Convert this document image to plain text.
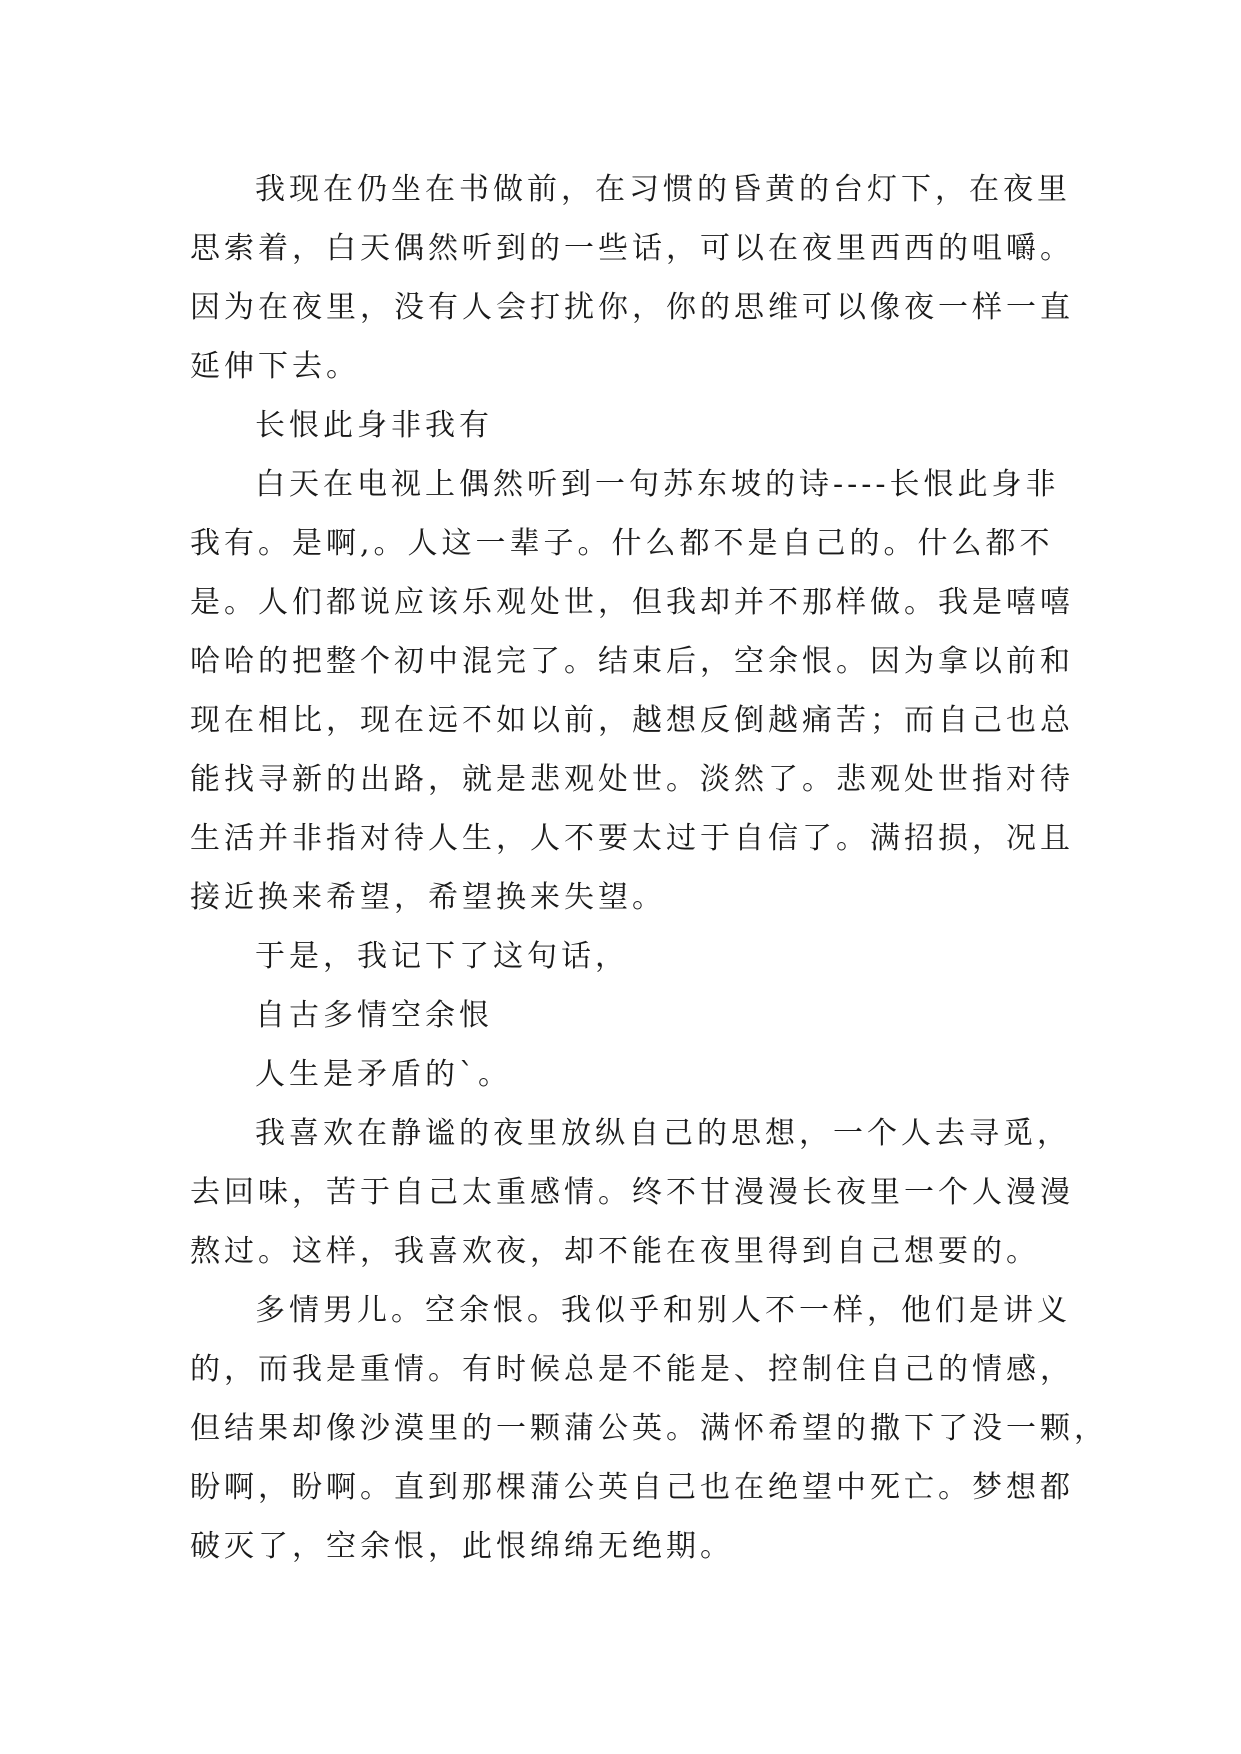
我现在仍坐在书做前，在习惯的昏黄的台灯下，在夜里
思索着，白天偶然听到的一些话，可以在夜里西西的咀嚼。
因为在夜里，没有人会打扰你，你的思维可以像夜一样一直
延伸下去。
长恨此身非我有
白天在电视上偶然听到一句苏东坡的诗----长恨此身非
我有。是啊,。人这一辈子。什么都不是自己的。什么都不
是。人们都说应该乐观处世，但我却并不那样做。我是嘻嘻
哈哈的把整个初中混完了。结束后，空余恨。因为拿以前和
现在相比，现在远不如以前，越想反倒越痛苦；而自己也总
能找寻新的出路，就是悲观处世。淡然了。悲观处世指对待
生活并非指对待人生，人不要太过于自信了。满招损，况且
接近换来希望，希望换来失望。
于是，我记下了这句话，
自古多情空余恨
人生是矛盾的`。
我喜欢在静谧的夜里放纵自己的思想，一个人去寻觅，
去回味，苦于自己太重感情。终不甘漫漫长夜里一个人漫漫
熬过。这样，我喜欢夜，却不能在夜里得到自己想要的。
多情男儿。空余恨。我似乎和别人不一样，他们是讲义
的，而我是重情。有时候总是不能是、控制住自己的情感，
但结果却像沙漠里的一颗蒲公英。满怀希望的撒下了没一颗，
盼啊，盼啊。直到那棵蒲公英自己也在绝望中死亡。梦想都
破灭了，空余恨，此恨绵绵无绝期。
